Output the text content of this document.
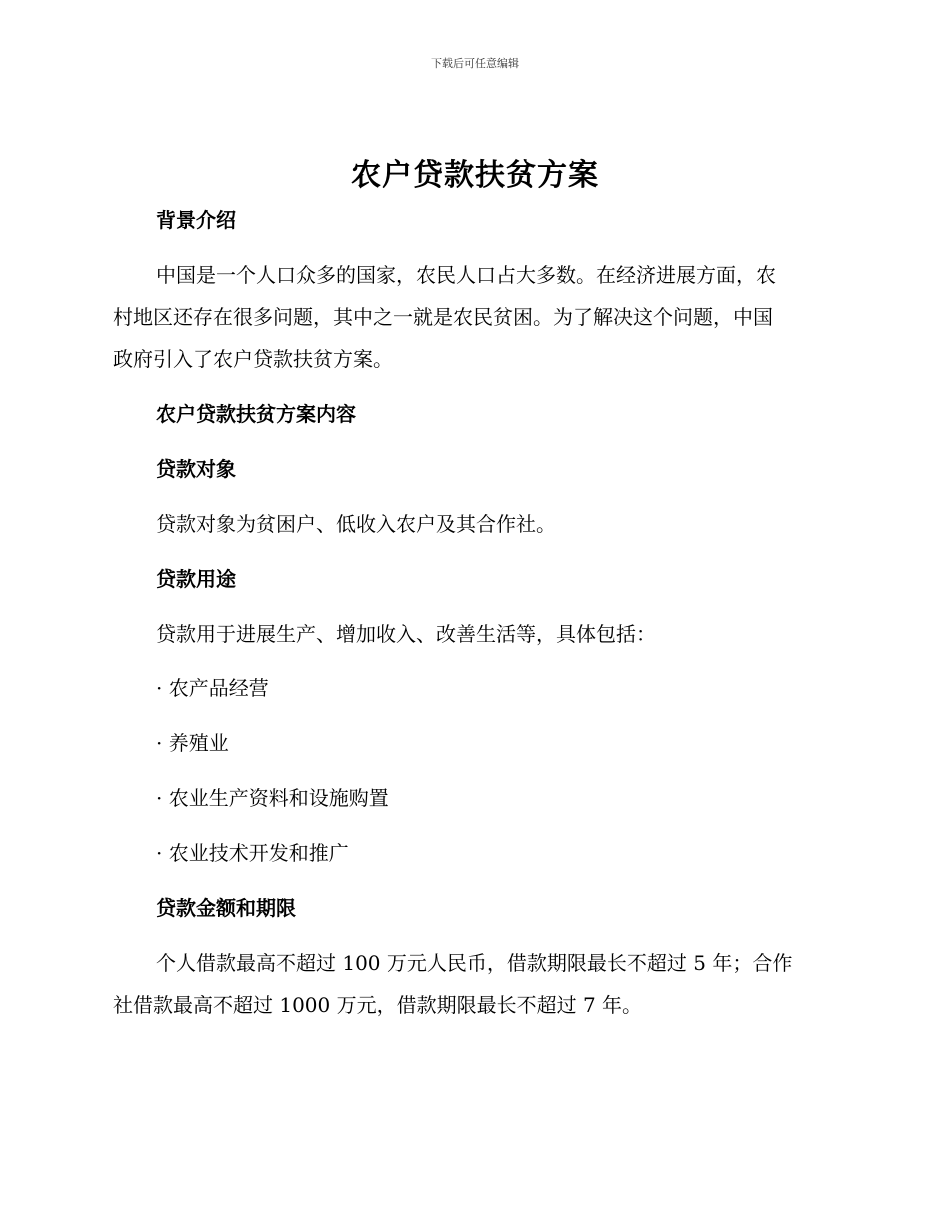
下载后可任意编辑
农户贷款扶贫方案
背景介绍
中国是一个人口众多的国家，农民人口占大多数。在经济进展方面，农
村地区还存在很多问题，其中之一就是农民贫困。为了解决这个问题，中国
政府引入了农户贷款扶贫方案。
农户贷款扶贫方案内容
贷款对象
贷款对象为贫困户、低收入农户及其合作社。
贷款用途
贷款用于进展生产、增加收入、改善生活等，具体包括：
· 农产品经营
· 养殖业
· 农业生产资料和设施购置
· 农业技术开发和推广
贷款金额和期限
个人借款最高不超过 100 万元人民币，借款期限最长不超过 5 年；合作
社借款最高不超过 1000 万元，借款期限最长不超过 7 年。
